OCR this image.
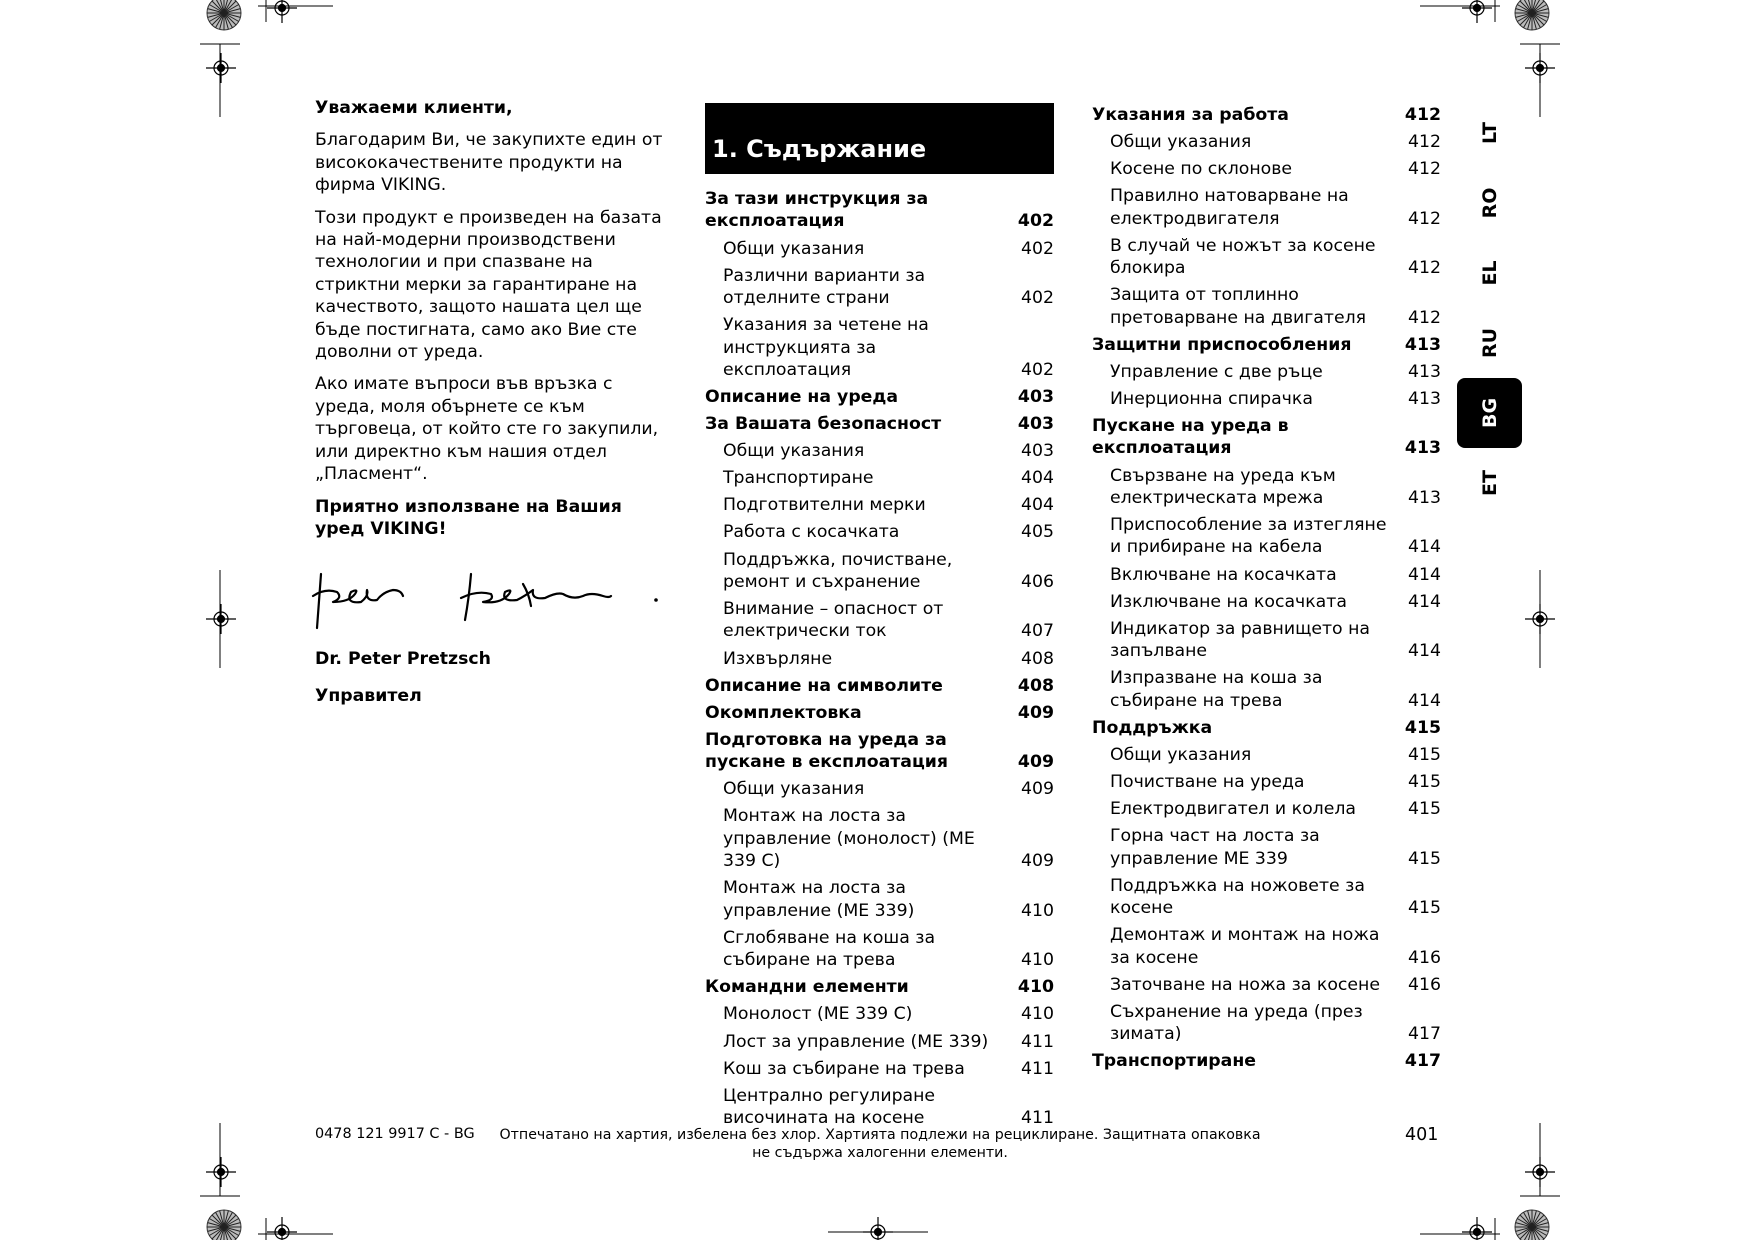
Уважаеми клиенти,

Благодарим Ви, че закупихте един от висококачествените продукти на фирма VIKING.

Този продукт е произведен на базата на най-модерни производствени технологии и при спазване на стриктни мерки за гарантиране на качеството, защото нашата цел ще бъде постигната, само ако Вие сте доволни от уреда.

Ако имате въпроси във връзка с уреда, моля обърнете се към търговеца, от който сте го закупили, или директно към нашия отдел „Пласмент“.

Приятно използване на Вашия уред VIKING!

Dr. Peter Pretzsch

Управител

1. Съдържание
За тази инструкция за експлоатация	402
Общи указания	402
Различни варианти за отделните страни	402
Указания за четене на инструкцията за експлоатация	402
Описание на уреда	403
За Вашата безопасност	403
Общи указания	403
Транспортиране	404
Подготвителни мерки	404
Работа с косачката	405
Поддръжка, почистване, ремонт и съхранение	406
Внимание – опасност от електрически ток	407
Изхвърляне	408
Описание на символите	408
Окомплектовка	409
Подготовка на уреда за пускане в експлоатация	409
Общи указания	409
Монтаж на лоста за управление (монолост) (МЕ 339 С)	409
Монтаж на лоста за управление (МЕ 339)	410
Сглобяване на коша за събиране на трева	410
Командни елементи	410
Монолост (МЕ 339 С)	410
Лост за управление (МЕ 339)	411
Кош за събиране на трева	411
Централно регулиране височината на косене	411
Указания за работа	412
Общи указания	412
Косене по склонове	412
Правилно натоварване на електродвигателя	412
В случай че ножът за косене блокира	412
Защита от топлинно претоварване на двигателя	412
Защитни приспособления	413
Управление с две ръце	413
Инерционна спирачка	413
Пускане на уреда в експлоатация	413
Свързване на уреда към електрическата мрежа	413
Приспособление за изтегляне и прибиране на кабела	414
Включване на косачката	414
Изключване на косачката	414
Индикатор за равнището на запълване	414
Изпразване на коша за събиране на трева	414
Поддръжка	415
Общи указания	415
Почистване на уреда	415
Електродвигател и колела	415
Горна част на лоста за управление МЕ 339	415
Поддръжка на ножовете за косене	415
Демонтаж и монтаж на ножа за косене	416
Заточване на ножа за косене	416
Съхранение на уреда (през зимата)	417
Транспортиране	417
LT
RO
EL
RU
BG
ET
0478 121 9917 C - BG	Отпечатано на хартия, избелена без хлор. Хартията подлежи на рециклиране. Защитната опаковка не съдържа халогенни елементи.
401
